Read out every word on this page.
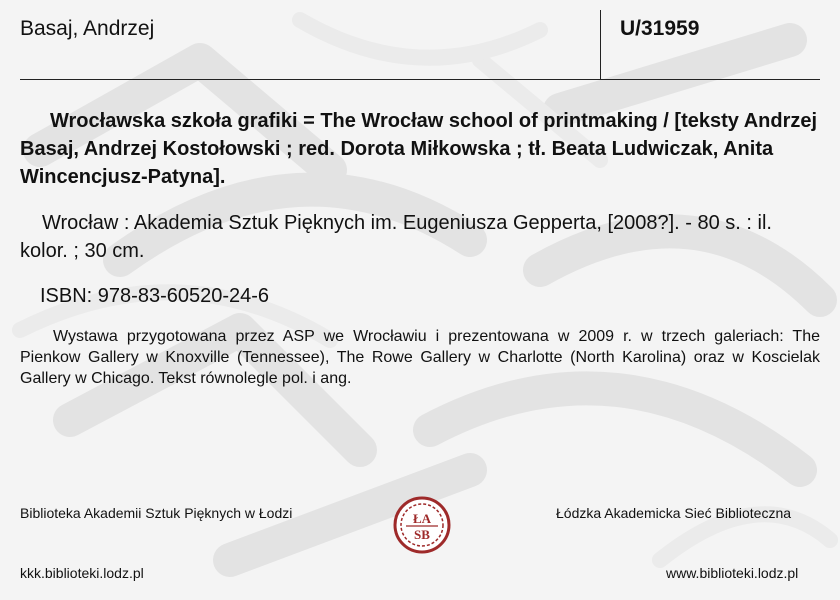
Basaj, Andrzej	U/31959
Wrocławska szkoła grafiki = The Wrocław school of printmaking / [teksty Andrzej Basaj, Andrzej Kostołowski ; red. Dorota Miłkowska ; tł. Beata Ludwiczak, Anita Wincencjusz-Patyna].
Wrocław : Akademia Sztuk Pięknych im. Eugeniusza Gepperta, [2008?]. - 80 s. : il. kolor. ; 30 cm.
ISBN: 978-83-60520-24-6
Wystawa przygotowana przez ASP we Wrocławiu i prezentowana w 2009 r. w trzech galeriach: The Pienkow Gallery w Knoxville (Tennessee), The Rowe Gallery w Charlotte (North Karolina) oraz w Koscielak Gallery w Chicago. Tekst równolegle pol. i ang.
Biblioteka Akademii Sztuk Pięknych w Łodzi	Łódzka Akademicka Sieć Biblioteczna
kkk.biblioteki.lodz.pl	www.biblioteki.lodz.pl
ŁA
SB
